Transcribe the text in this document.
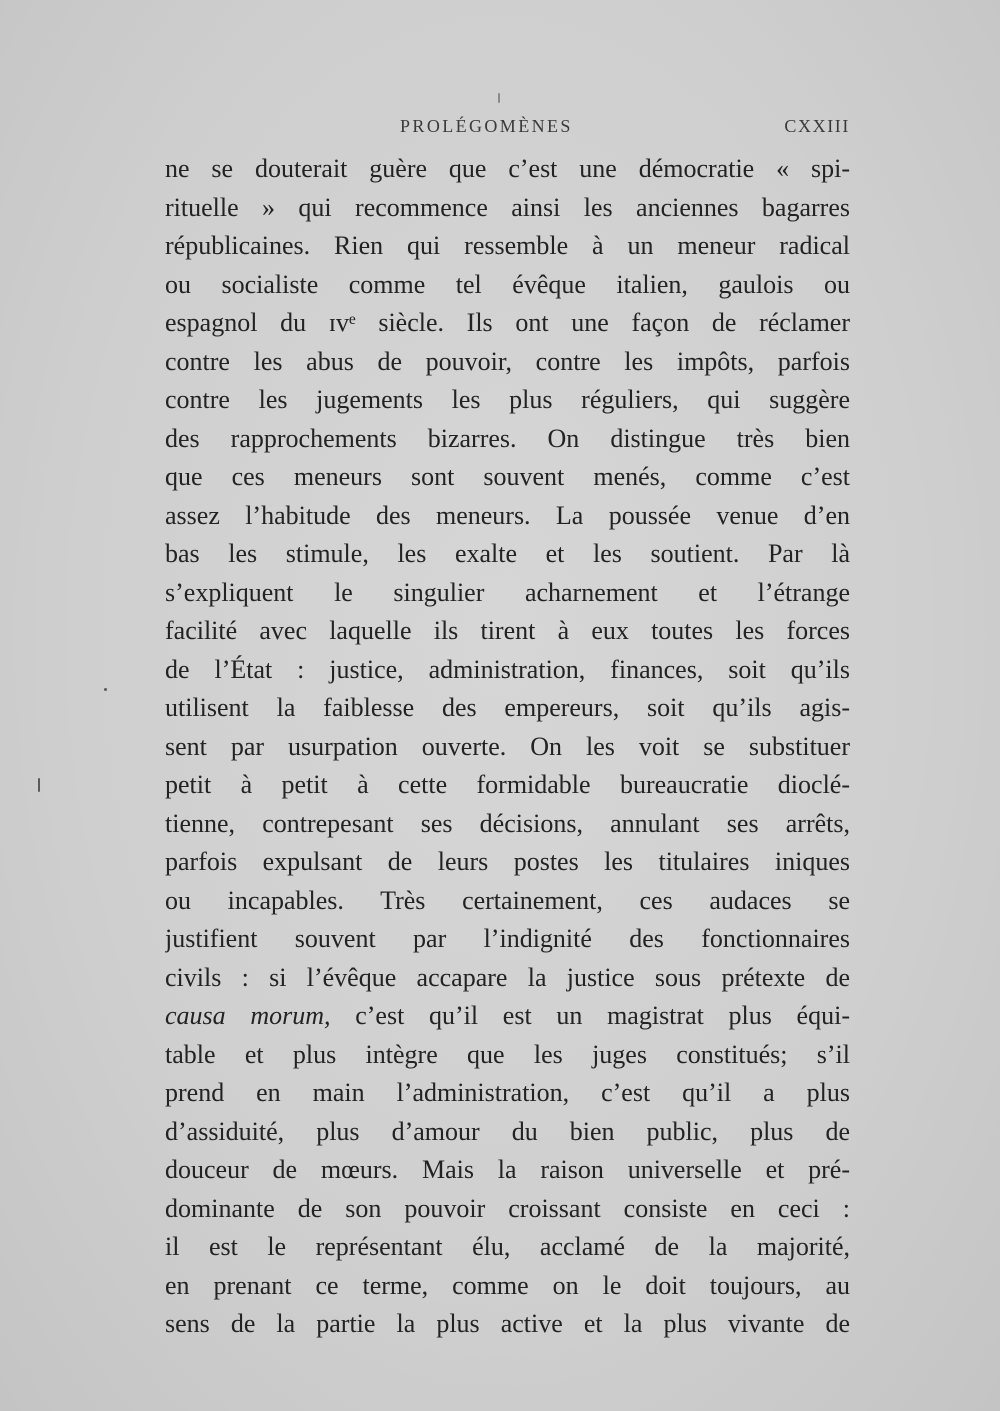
PROLÉGOMÈNES	CXXIII
ne se douterait guère que c’est une démocratie « spi-
rituelle » qui recommence ainsi les anciennes bagarres
républicaines. Rien qui ressemble à un meneur radical
ou socialiste comme tel évêque italien, gaulois ou
espagnol du ɪᴠᵉ siècle. Ils ont une façon de réclamer
contre les abus de pouvoir, contre les impôts, parfois
contre les jugements les plus réguliers, qui suggère
des rapprochements bizarres. On distingue très bien
que ces meneurs sont souvent menés, comme c’est
assez l’habitude des meneurs. La poussée venue d’en
bas les stimule, les exalte et les soutient. Par là
s’expliquent le singulier acharnement et l’étrange
facilité avec laquelle ils tirent à eux toutes les forces
de l’État : justice, administration, finances, soit qu’ils
utilisent la faiblesse des empereurs, soit qu’ils agis-
sent par usurpation ouverte. On les voit se substituer
petit à petit à cette formidable bureaucratie dioclé-
tienne, contrepesant ses décisions, annulant ses arrêts,
parfois expulsant de leurs postes les titulaires iniques
ou incapables. Très certainement, ces audaces se
justifient souvent par l’indignité des fonctionnaires
civils : si l’évêque accapare la justice sous prétexte de
causa morum, c’est qu’il est un magistrat plus équi-
table et plus intègre que les juges constitués; s’il
prend en main l’administration, c’est qu’il a plus
d’assiduité, plus d’amour du bien public, plus de
douceur de mœurs. Mais la raison universelle et pré-
dominante de son pouvoir croissant consiste en ceci :
il est le représentant élu, acclamé de la majorité,
en prenant ce terme, comme on le doit toujours, au
sens de la partie la plus active et la plus vivante de
